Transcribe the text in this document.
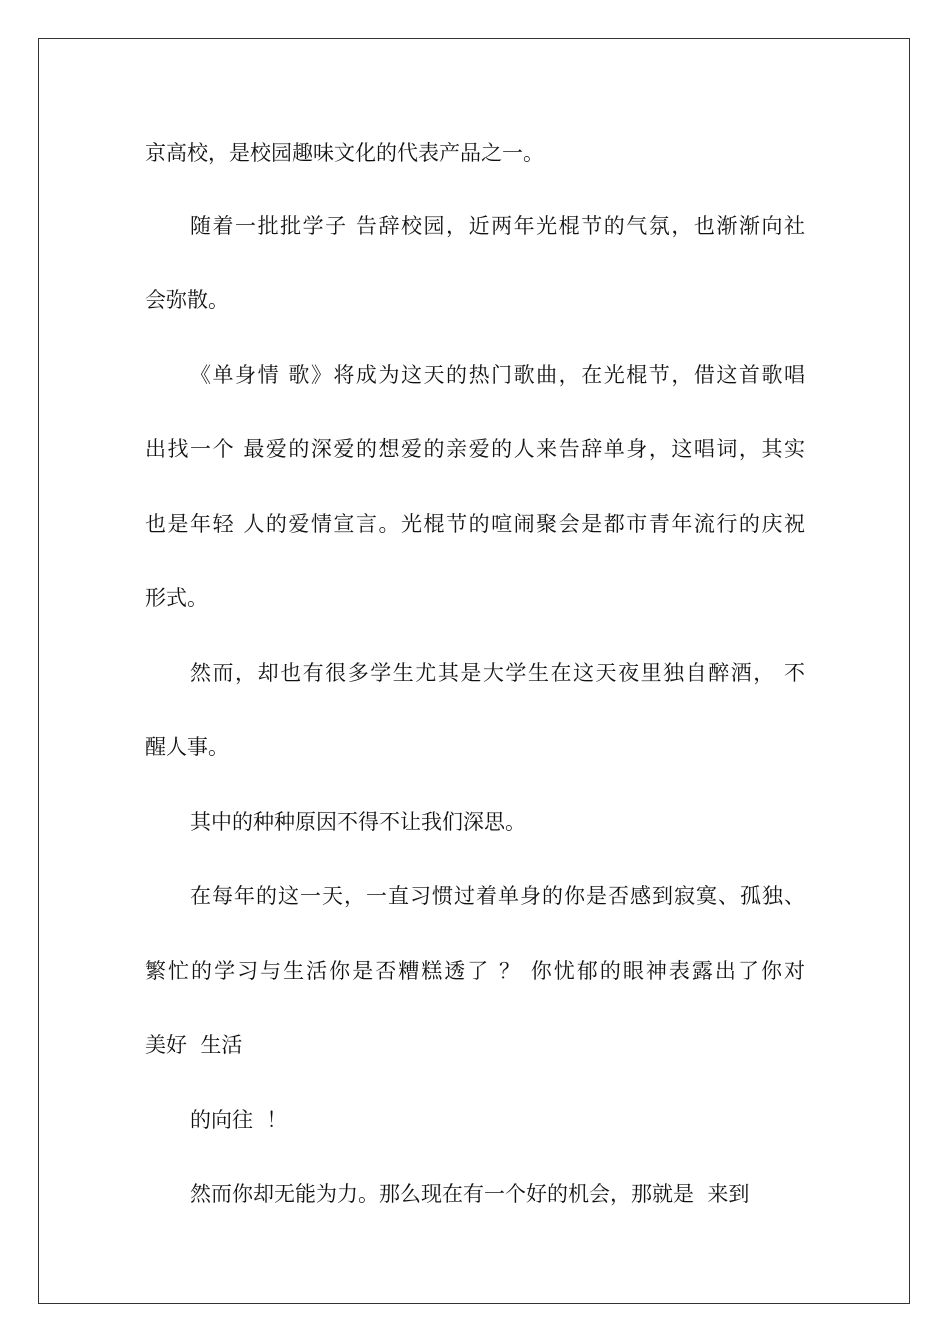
京高校，是校园趣味文化的代表产品之一。

随着一批批学子 告辞校园，近两年光棍节的气氛，也渐渐向社

会弥散。

《单身情 歌》将成为这天的热门歌曲，在光棍节，借这首歌唱

出找一个 最爱的深爱的想爱的亲爱的人来告辞单身，这唱词，其实

也是年轻 人的爱情宣言。光棍节的喧闹聚会是都市青年流行的庆祝

形式。

然而，却也有很多学生尤其是大学生在这天夜里独自醉酒， 不

醒人事。

其中的种种原因不得不让我们深思。

在每年的这一天，一直习惯过着单身的你是否感到寂寞、孤独、

繁忙的学习与生活你是否糟糕透了 ？ 你忧郁的眼神表露出了你对

美好  生活

的向往  ！

然而你却无能为力。那么现在有一个好的机会，那就是  来到
